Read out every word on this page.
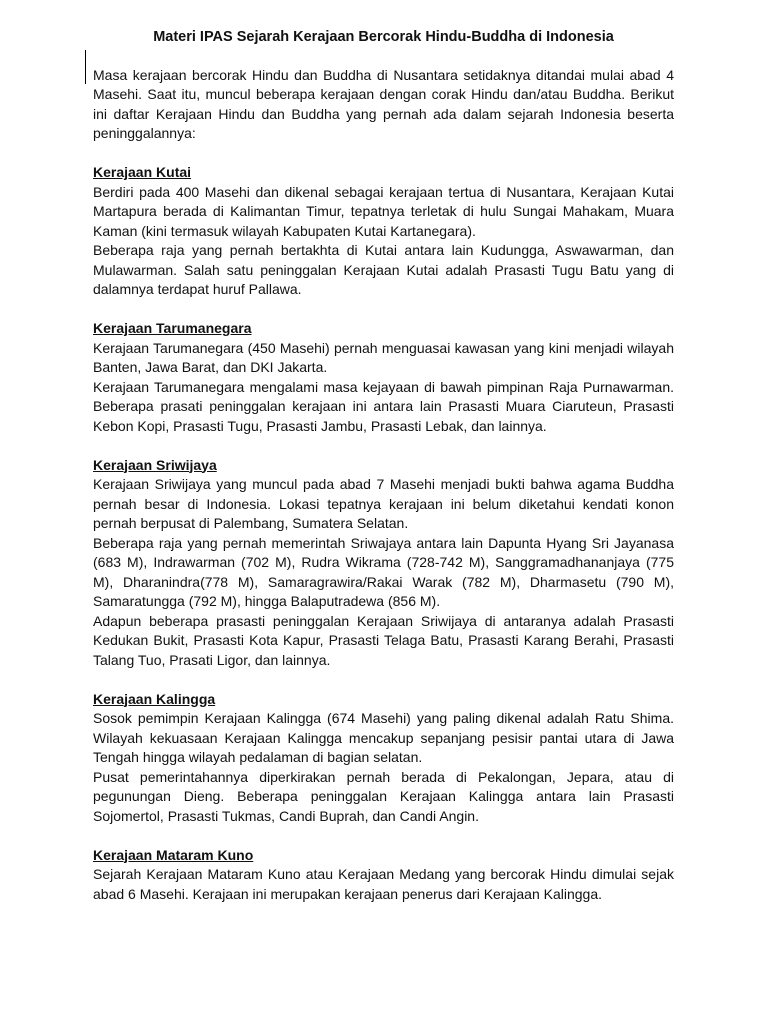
Materi IPAS Sejarah Kerajaan Bercorak Hindu-Buddha di Indonesia

Masa kerajaan bercorak Hindu dan Buddha di Nusantara setidaknya ditandai mulai abad 4 Masehi. Saat itu, muncul beberapa kerajaan dengan corak Hindu dan/atau Buddha. Berikut ini daftar Kerajaan Hindu dan Buddha yang pernah ada dalam sejarah Indonesia beserta peninggalannya:

Kerajaan Kutai

Berdiri pada 400 Masehi dan dikenal sebagai kerajaan tertua di Nusantara, Kerajaan Kutai Martapura berada di Kalimantan Timur, tepatnya terletak di hulu Sungai Mahakam, Muara Kaman (kini termasuk wilayah Kabupaten Kutai Kartanegara).

Beberapa raja yang pernah bertakhta di Kutai antara lain Kudungga, Aswawarman, dan Mulawarman. Salah satu peninggalan Kerajaan Kutai adalah Prasasti Tugu Batu yang di dalamnya terdapat huruf Pallawa.

Kerajaan Tarumanegara

Kerajaan Tarumanegara (450 Masehi) pernah menguasai kawasan yang kini menjadi wilayah Banten, Jawa Barat, dan DKI Jakarta.

Kerajaan Tarumanegara mengalami masa kejayaan di bawah pimpinan Raja Purnawarman. Beberapa prasati peninggalan kerajaan ini antara lain Prasasti Muara Ciaruteun, Prasasti Kebon Kopi, Prasasti Tugu, Prasasti Jambu, Prasasti Lebak, dan lainnya.

Kerajaan Sriwijaya

Kerajaan Sriwijaya yang muncul pada abad 7 Masehi menjadi bukti bahwa agama Buddha pernah besar di Indonesia. Lokasi tepatnya kerajaan ini belum diketahui kendati konon pernah berpusat di Palembang, Sumatera Selatan.

Beberapa raja yang pernah memerintah Sriwajaya antara lain Dapunta Hyang Sri Jayanasa (683 M), Indrawarman (702 M), Rudra Wikrama (728-742 M), Sanggramadhananjaya (775 M), Dharanindra(778 M), Samaragrawira/Rakai Warak (782 M), Dharmasetu (790 M), Samaratungga (792 M), hingga Balaputradewa (856 M).

Adapun beberapa prasasti peninggalan Kerajaan Sriwijaya di antaranya adalah Prasasti Kedukan Bukit, Prasasti Kota Kapur, Prasasti Telaga Batu, Prasasti Karang Berahi, Prasasti Talang Tuo, Prasati Ligor, dan lainnya.

Kerajaan Kalingga

Sosok pemimpin Kerajaan Kalingga (674 Masehi) yang paling dikenal adalah Ratu Shima. Wilayah kekuasaan Kerajaan Kalingga mencakup sepanjang pesisir pantai utara di Jawa Tengah hingga wilayah pedalaman di bagian selatan.

Pusat pemerintahannya diperkirakan pernah berada di Pekalongan, Jepara, atau di pegunungan Dieng. Beberapa peninggalan Kerajaan Kalingga antara lain Prasasti Sojomertol, Prasasti Tukmas, Candi Buprah, dan Candi Angin.

Kerajaan Mataram Kuno

Sejarah Kerajaan Mataram Kuno atau Kerajaan Medang yang bercorak Hindu dimulai sejak abad 6 Masehi. Kerajaan ini merupakan kerajaan penerus dari Kerajaan Kalingga.
